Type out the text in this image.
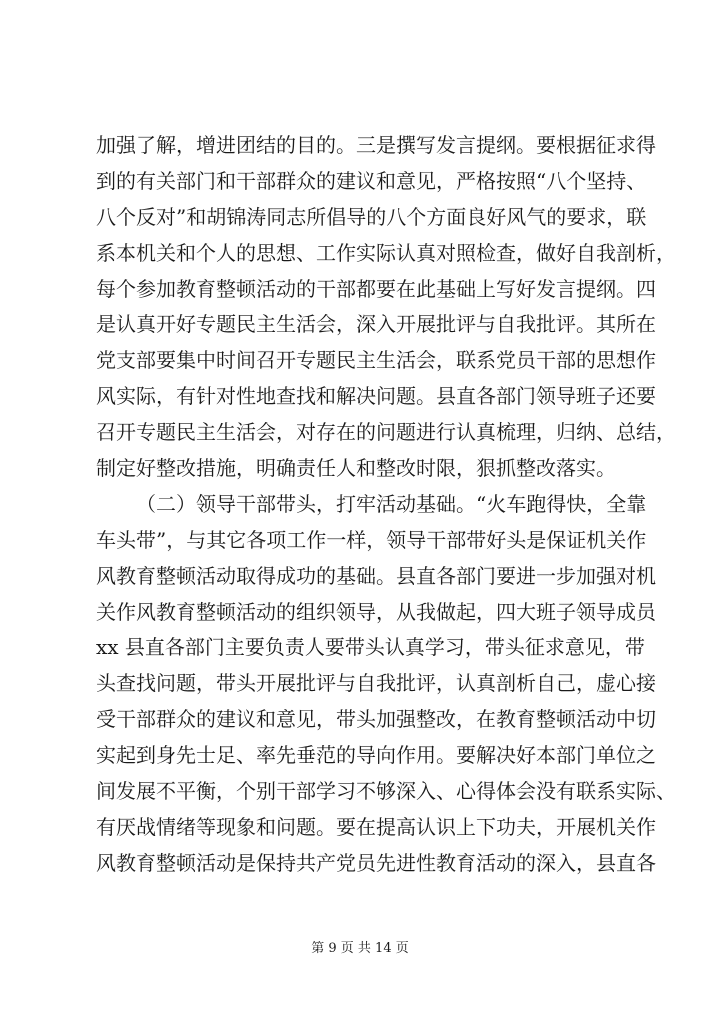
加强了解，增进团结的目的。三是撰写发言提纲。要根据征求得
到的有关部门和干部群众的建议和意见，严格按照“八个坚持、
八个反对”和胡锦涛同志所倡导的八个方面良好风气的要求，联
系本机关和个人的思想、工作实际认真对照检查，做好自我剖析，
每个参加教育整顿活动的干部都要在此基础上写好发言提纲。四
是认真开好专题民主生活会，深入开展批评与自我批评。其所在
党支部要集中时间召开专题民主生活会，联系党员干部的思想作
风实际，有针对性地查找和解决问题。县直各部门领导班子还要
召开专题民主生活会，对存在的问题进行认真梳理，归纳、总结，
制定好整改措施，明确责任人和整改时限，狠抓整改落实。
（二）领导干部带头，打牢活动基础。“火车跑得快，全靠
车头带”，与其它各项工作一样，领导干部带好头是保证机关作
风教育整顿活动取得成功的基础。县直各部门要进一步加强对机
关作风教育整顿活动的组织领导，从我做起，四大班子领导成员
xx 县直各部门主要负责人要带头认真学习，带头征求意见，带
头查找问题，带头开展批评与自我批评，认真剖析自己，虚心接
受干部群众的建议和意见，带头加强整改，在教育整顿活动中切
实起到身先士足、率先垂范的导向作用。要解决好本部门单位之
间发展不平衡，个别干部学习不够深入、心得体会没有联系实际、
有厌战情绪等现象和问题。要在提高认识上下功夫，开展机关作
风教育整顿活动是保持共产党员先进性教育活动的深入，县直各
第 9 页 共 14 页
